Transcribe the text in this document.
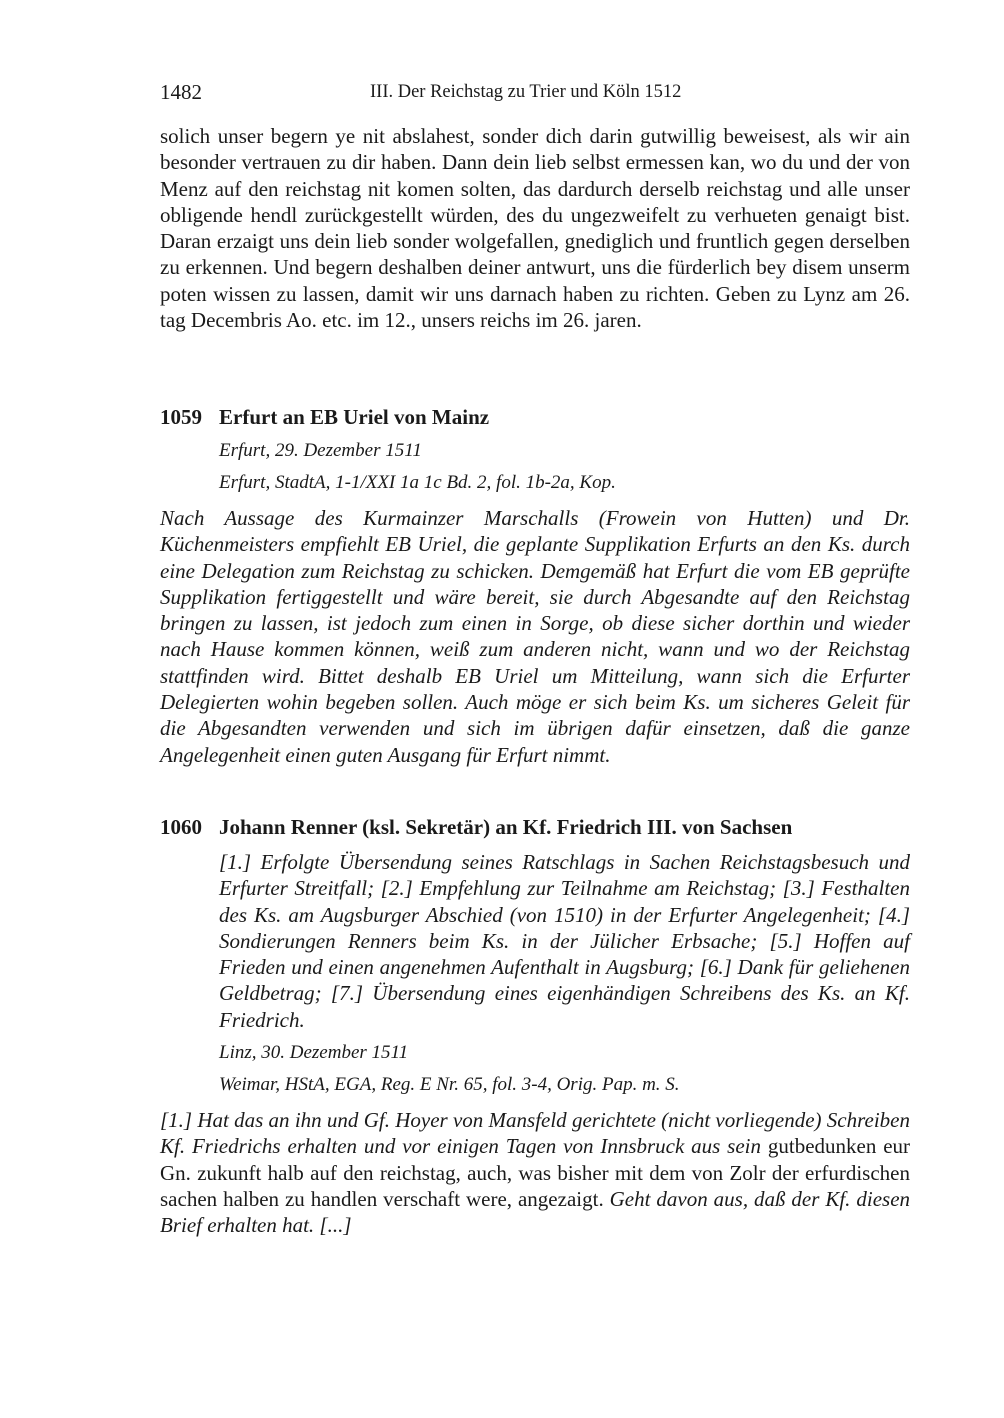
1482	III. Der Reichstag zu Trier und Köln 1512
solich unser begern ye nit abslahest, sonder dich darin gutwillig beweisest, als wir ain besonder vertrauen zu dir haben. Dann dein lieb selbst ermessen kan, wo du und der von Menz auf den reichstag nit komen solten, das dardurch derselb reichstag und alle unser obligende hendl zurückgestellt würden, des du ungezweifelt zu verhueten genaigt bist. Daran erzaigt uns dein lieb sonder wolgefallen, gnediglich und fruntlich gegen derselben zu erkennen. Und begern deshalben deiner antwurt, uns die fürderlich bey disem unserm poten wissen zu lassen, damit wir uns darnach haben zu richten. Geben zu Lynz am 26. tag Decembris Ao. etc. im 12., unsers reichs im 26. jaren.
1059 Erfurt an EB Uriel von Mainz
Erfurt, 29. Dezember 1511
Erfurt, StadtA, 1-1/XXI 1a 1c Bd. 2, fol. 1b-2a, Kop.
Nach Aussage des Kurmainzer Marschalls (Frowein von Hutten) und Dr. Küchenmeisters empfiehlt EB Uriel, die geplante Supplikation Erfurts an den Ks. durch eine Delegation zum Reichstag zu schicken. Demgemäß hat Erfurt die vom EB geprüfte Supplikation fertiggestellt und wäre bereit, sie durch Abgesandte auf den Reichstag bringen zu lassen, ist jedoch zum einen in Sorge, ob diese sicher dorthin und wieder nach Hause kommen können, weiß zum anderen nicht, wann und wo der Reichstag stattfinden wird. Bittet deshalb EB Uriel um Mitteilung, wann sich die Erfurter Delegierten wohin begeben sollen. Auch möge er sich beim Ks. um sicheres Geleit für die Abgesandten verwenden und sich im übrigen dafür einsetzen, daß die ganze Angelegenheit einen guten Ausgang für Erfurt nimmt.
1060 Johann Renner (ksl. Sekretär) an Kf. Friedrich III. von Sachsen
[1.] Erfolgte Übersendung seines Ratschlags in Sachen Reichstagsbesuch und Erfurter Streitfall; [2.] Empfehlung zur Teilnahme am Reichstag; [3.] Festhalten des Ks. am Augsburger Abschied (von 1510) in der Erfurter Angelegenheit; [4.] Sondierungen Renners beim Ks. in der Jülicher Erbsache; [5.] Hoffen auf Frieden und einen angenehmen Aufenthalt in Augsburg; [6.] Dank für geliehenen Geldbetrag; [7.] Übersendung eines eigenhändigen Schreibens des Ks. an Kf. Friedrich.
Linz, 30. Dezember 1511
Weimar, HStA, EGA, Reg. E Nr. 65, fol. 3-4, Orig. Pap. m. S.
[1.] Hat das an ihn und Gf. Hoyer von Mansfeld gerichtete (nicht vorliegende) Schreiben Kf. Friedrichs erhalten und vor einigen Tagen von Innsbruck aus sein gutbedunken eur Gn. zukunft halb auf den reichstag, auch, was bisher mit dem von Zolr der erfurdischen sachen halben zu handlen verschaft were, angezaigt. Geht davon aus, daß der Kf. diesen Brief erhalten hat. [...]
